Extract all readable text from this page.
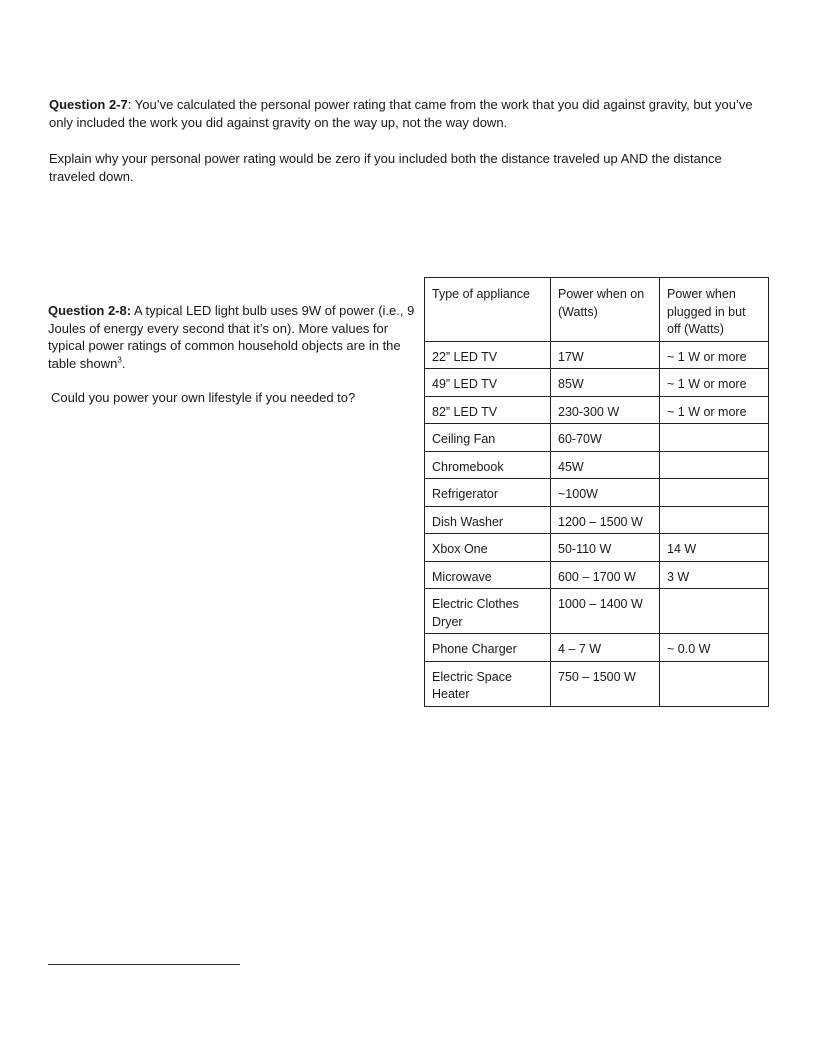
Question 2-7: You’ve calculated the personal power rating that came from the work that you did against gravity, but you’ve only included the work you did against gravity on the way up, not the way down.

Explain why your personal power rating would be zero if you included both the distance traveled up AND the distance traveled down.

Question 2-8: A typical LED light bulb uses 9W of power (i.e., 9 Joules of energy every second that it’s on). More values for typical power ratings of common household objects are in the table shown$^3$.

Could you power your own lifestyle if you needed to?

Type of appliance	Power when on (Watts)	Power when plugged in but off (Watts)
22” LED TV	17W	~ 1 W or more
49” LED TV	85W	~ 1 W or more
82” LED TV	230-300 W	~ 1 W or more
Ceiling Fan	60-70W	
Chromebook	45W	
Refrigerator	~100W	
Dish Washer	1200 – 1500 W	
Xbox One	50-110 W	14 W
Microwave	600 – 1700 W	3 W
Electric Clothes Dryer	1000 – 1400 W	
Phone Charger	4 – 7 W	~ 0.0 W
Electric Space Heater	750 – 1500 W	
